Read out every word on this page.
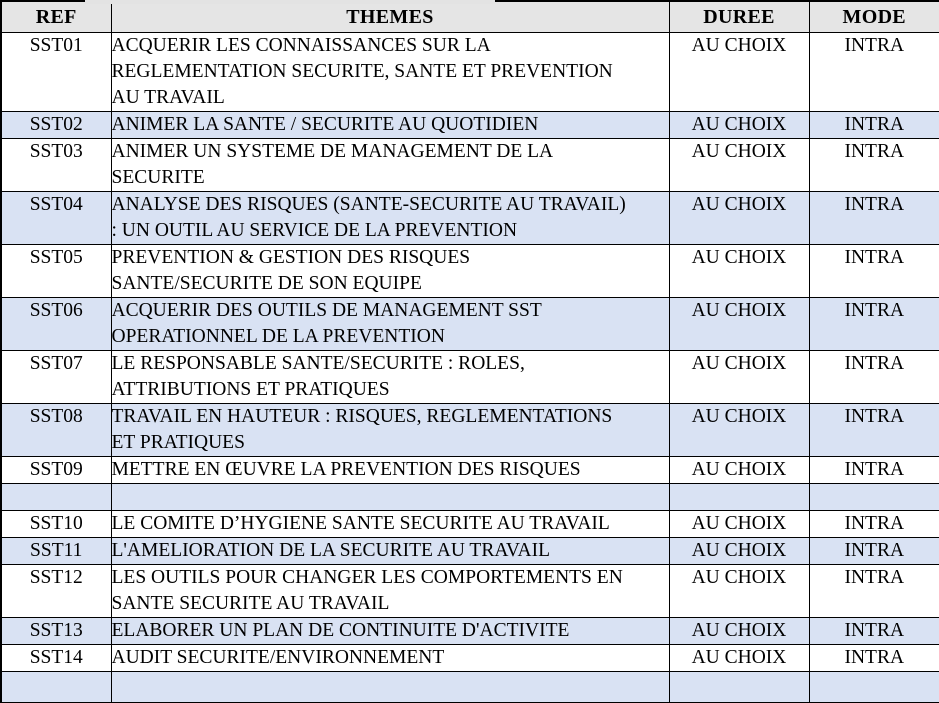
REF	THEMES	DUREE	MODE
SST01	ACQUERIR LES CONNAISSANCES SUR LA
REGLEMENTATION SECURITE, SANTE ET PREVENTION
AU TRAVAIL	AU CHOIX	INTRA
SST02	ANIMER LA SANTE / SECURITE AU QUOTIDIEN	AU CHOIX	INTRA
SST03	ANIMER UN SYSTEME DE MANAGEMENT DE LA
SECURITE	AU CHOIX	INTRA
SST04	ANALYSE DES RISQUES (SANTE-SECURITE AU TRAVAIL)
: UN OUTIL AU SERVICE DE LA PREVENTION	AU CHOIX	INTRA
SST05	PREVENTION & GESTION DES RISQUES
SANTE/SECURITE DE SON EQUIPE	AU CHOIX	INTRA
SST06	ACQUERIR DES OUTILS DE MANAGEMENT SST
OPERATIONNEL DE LA PREVENTION	AU CHOIX	INTRA
SST07	LE RESPONSABLE SANTE/SECURITE : ROLES,
ATTRIBUTIONS ET PRATIQUES	AU CHOIX	INTRA
SST08	TRAVAIL EN HAUTEUR : RISQUES, REGLEMENTATIONS
ET PRATIQUES	AU CHOIX	INTRA
SST09	METTRE EN ŒUVRE LA PREVENTION DES RISQUES	AU CHOIX	INTRA

SST10	LE COMITE D’HYGIENE SANTE SECURITE AU TRAVAIL	AU CHOIX	INTRA
SST11	L'AMELIORATION DE LA SECURITE AU TRAVAIL	AU CHOIX	INTRA
SST12	LES OUTILS POUR CHANGER LES COMPORTEMENTS EN
SANTE SECURITE AU TRAVAIL	AU CHOIX	INTRA
SST13	ELABORER UN PLAN DE CONTINUITE D'ACTIVITE	AU CHOIX	INTRA
SST14	AUDIT SECURITE/ENVIRONNEMENT	AU CHOIX	INTRA
